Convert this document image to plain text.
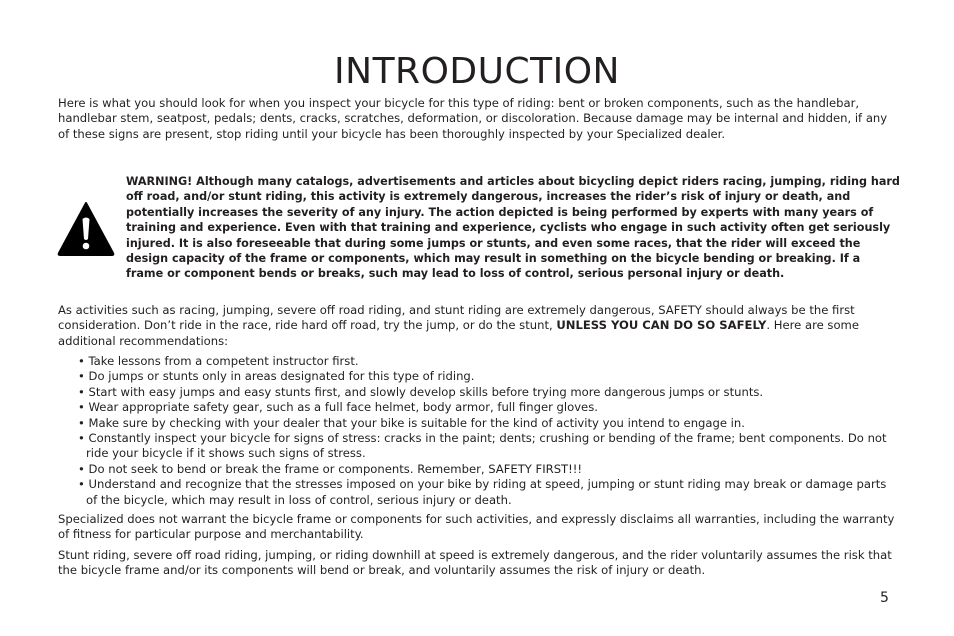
INTRODUCTION

Here is what you should look for when you inspect your bicycle for this type of riding: bent or broken components, such as the handlebar, handlebar stem, seatpost, pedals; dents, cracks, scratches, deformation, or discoloration. Because damage may be internal and hidden, if any of these signs are present, stop riding until your bicycle has been thoroughly inspected by your Specialized dealer.

WARNING! Although many catalogs, advertisements and articles about bicycling depict riders racing, jumping, riding hard off road, and/or stunt riding, this activity is extremely dangerous, increases the rider’s risk of injury or death, and potentially increases the severity of any injury. The action depicted is being performed by experts with many years of training and experience. Even with that training and experience, cyclists who engage in such activity often get seriously injured. It is also foreseeable that during some jumps or stunts, and even some races, that the rider will exceed the design capacity of the frame or components, which may result in something on the bicycle bending or breaking. If a frame or component bends or breaks, such may lead to loss of control, serious personal injury or death.

As activities such as racing, jumping, severe off road riding, and stunt riding are extremely dangerous, SAFETY should always be the first consideration. Don’t ride in the race, ride hard off road, try the jump, or do the stunt, UNLESS YOU CAN DO SO SAFELY. Here are some additional recommendations:

• Take lessons from a competent instructor first.
• Do jumps or stunts only in areas designated for this type of riding.
• Start with easy jumps and easy stunts first, and slowly develop skills before trying more dangerous jumps or stunts.
• Wear appropriate safety gear, such as a full face helmet, body armor, full finger gloves.
• Make sure by checking with your dealer that your bike is suitable for the kind of activity you intend to engage in.
• Constantly inspect your bicycle for signs of stress: cracks in the paint; dents; crushing or bending of the frame; bent components. Do not ride your bicycle if it shows such signs of stress.
• Do not seek to bend or break the frame or components. Remember, SAFETY FIRST!!!
• Understand and recognize that the stresses imposed on your bike by riding at speed, jumping or stunt riding may break or damage parts of the bicycle, which may result in loss of control, serious injury or death.

Specialized does not warrant the bicycle frame or components for such activities, and expressly disclaims all warranties, including the warranty of fitness for particular purpose and merchantability.

Stunt riding, severe off road riding, jumping, or riding downhill at speed is extremely dangerous, and the rider voluntarily assumes the risk that the bicycle frame and/or its components will bend or break, and voluntarily assumes the risk of injury or death.

5
